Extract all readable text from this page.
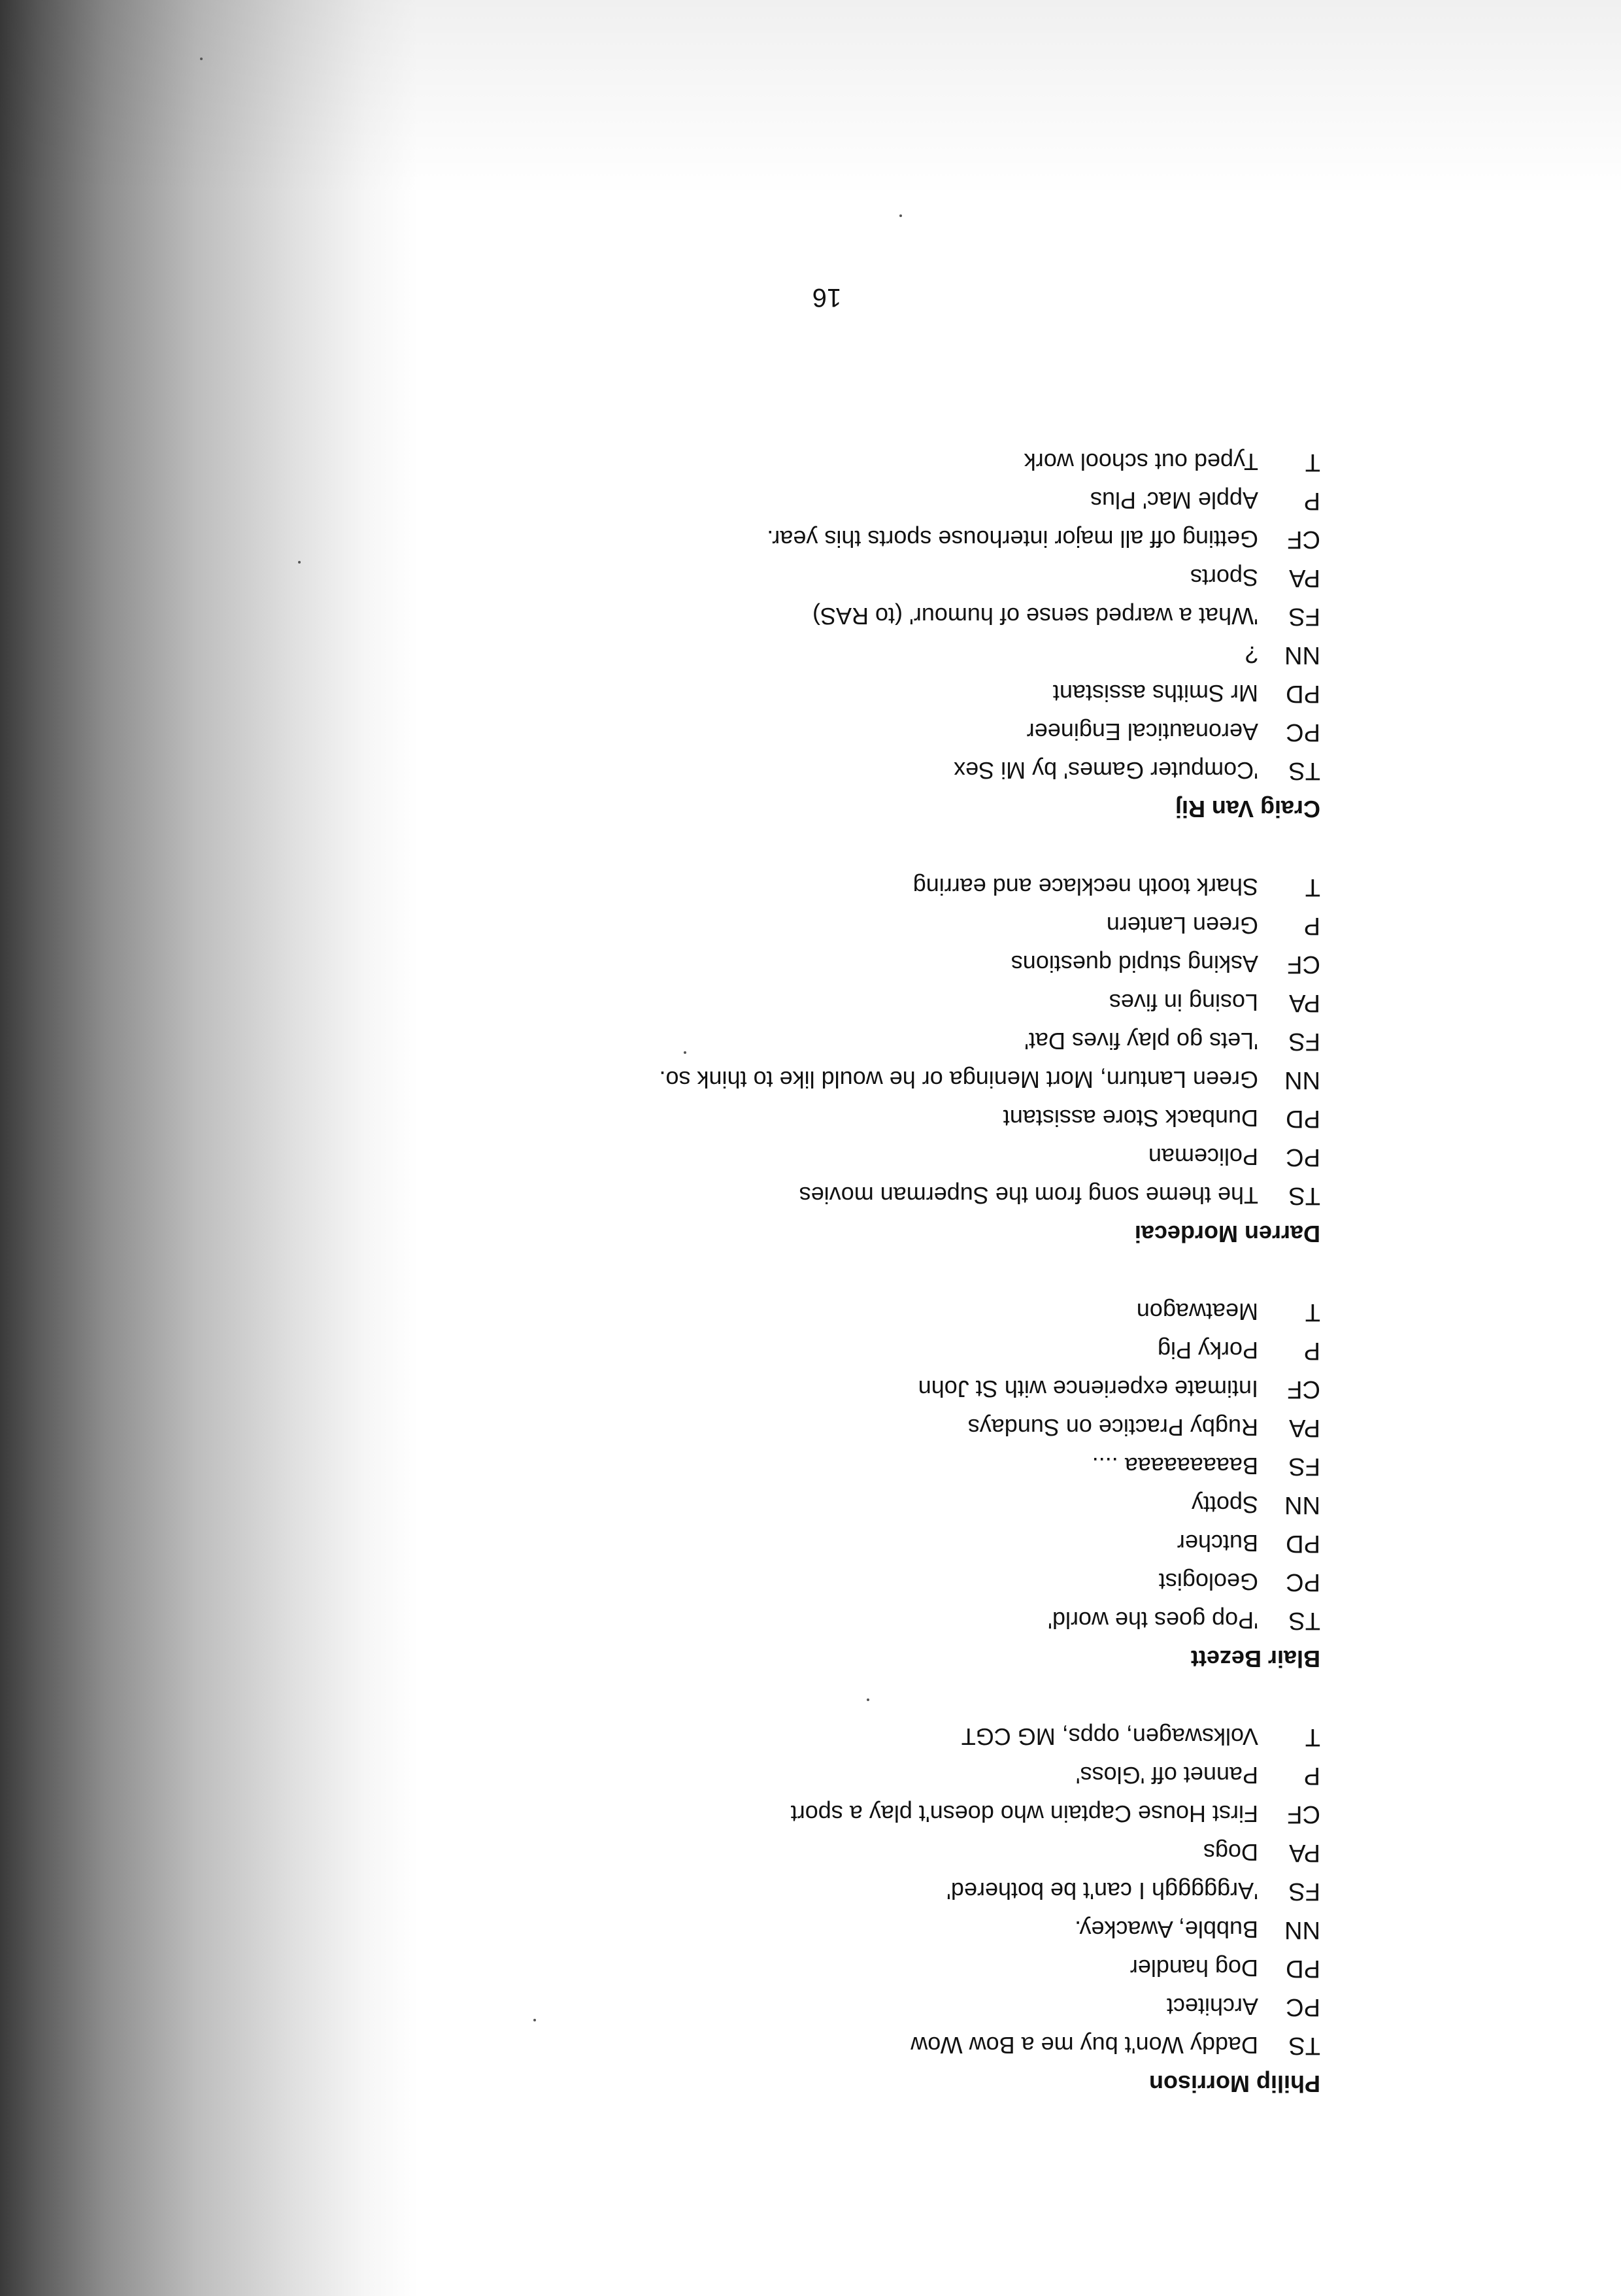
Philip Morrison
TS
Daddy Won't buy me a Bow Wow
PC
Architect
PD
Dog handler
NN
Bubble, Awackey.
FS
'Argggggh I can't be bothered'
PA
Dogs
CF
First House Captain who doesn't play a sport
P
Pannet off 'Gloss'
T
Volkswagen, opps, MG CGT
Blair Bezett
TS
'Pop goes the world'
PC
Geologist
PD
Butcher
NN
Spotty
FS
Baaaaaaaaa ....
PA
Rugby Practice on Sundays
CF
Intimate experience with St John
P
Porky Pig
T
Meatwagon
Darren Mordecai
TS
The theme song from the Superman movies
PC
Policeman
PD
Dunback Store assistant
NN
Green Lanturn, Mort Meninga or he would like to think so.
FS
'Lets go play fives Dat'
PA
Losing in fives
CF
Asking stupid questions
P
Green Lantern
T
Shark tooth necklace and earring
Craig Van Rij
TS
'Computer Games' by Mi Sex
PC
Aeronautical Engineer
PD
Mr Smiths assistant
NN
?
FS
'What a warped sense of humour' (to RAS)
PA
Sports
CF
Getting off all major interhouse sports this year.
P
Apple Mac' Plus
T
Typed out school work
16
